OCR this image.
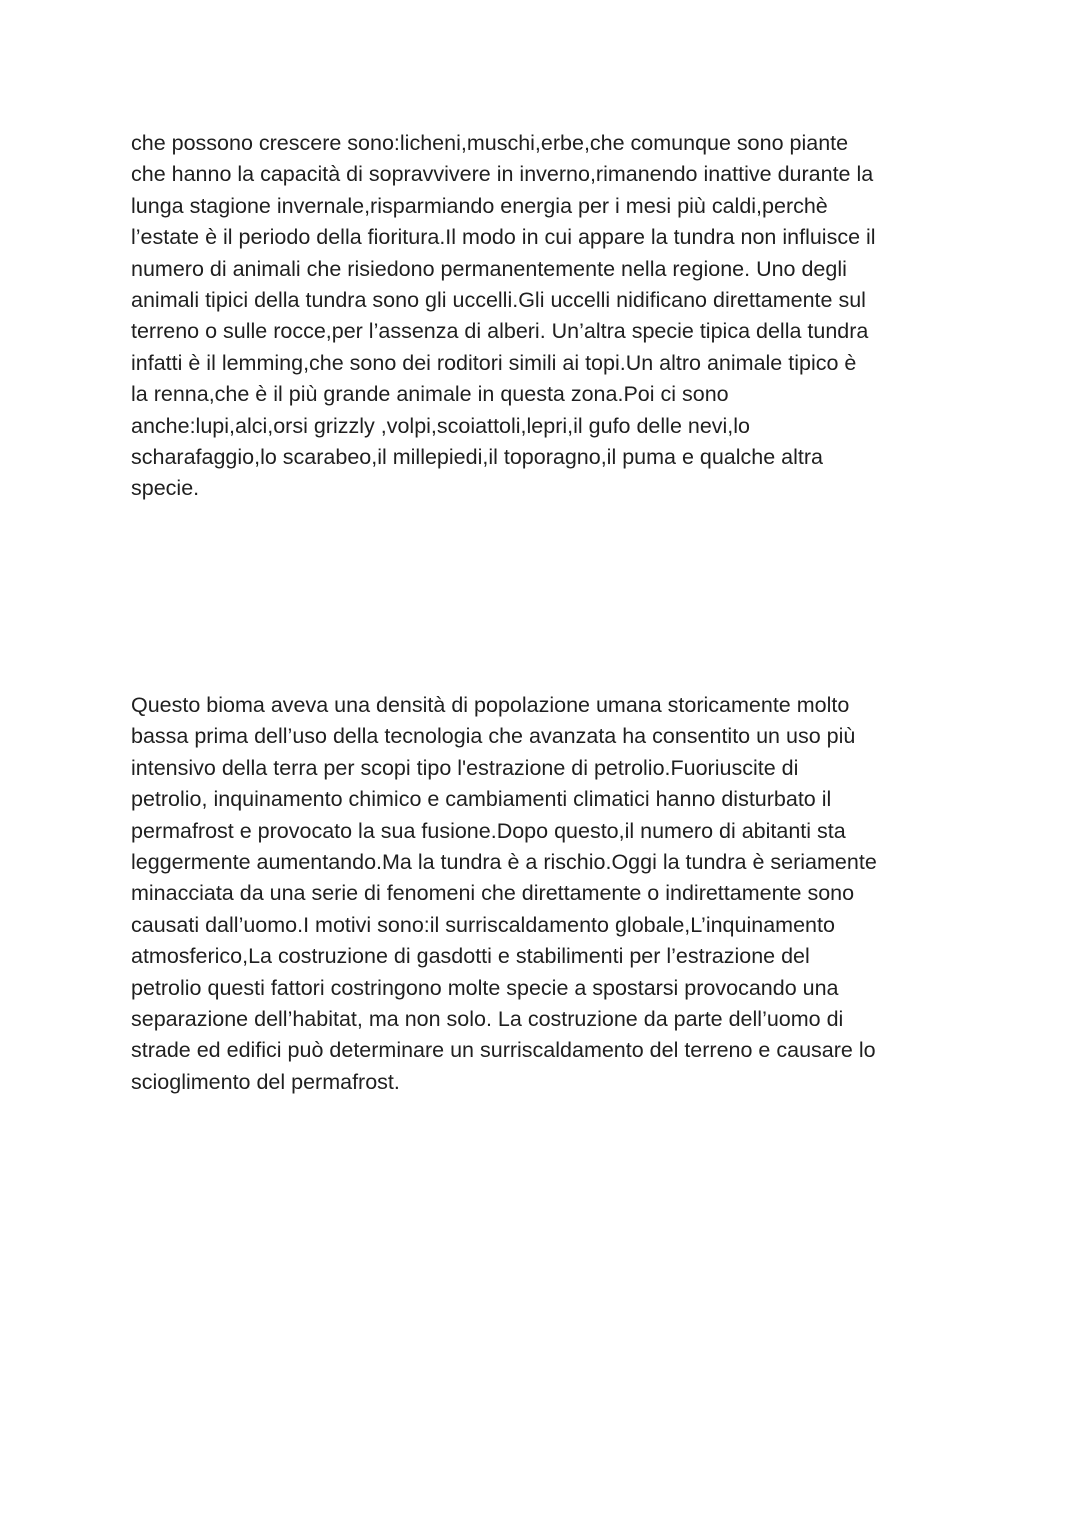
che possono crescere sono:licheni,muschi,erbe,che comunque sono piante
che hanno la capacità di sopravvivere in inverno,rimanendo inattive durante la
lunga stagione invernale,risparmiando energia per i mesi più caldi,perchè
l’estate è il periodo della fioritura.Il modo in cui appare la tundra non influisce il
numero di animali che risiedono permanentemente nella regione. Uno degli
animali tipici della tundra sono gli uccelli.Gli uccelli nidificano direttamente sul
terreno o sulle rocce,per l’assenza di alberi. Un’altra specie tipica della tundra
infatti è il lemming,che sono dei roditori simili ai topi.Un altro animale tipico è
la renna,che è il più grande animale in questa zona.Poi ci sono
anche:lupi,alci,orsi grizzly ,volpi,scoiattoli,lepri,il gufo delle nevi,lo
scharafaggio,lo scarabeo,il millepiedi,il toporagno,il puma e qualche altra
specie.

Questo bioma aveva una densità di popolazione umana storicamente molto
bassa prima dell’uso della tecnologia che avanzata ha consentito un uso più
intensivo della terra per scopi tipo l'estrazione di petrolio.Fuoriuscite di
petrolio, inquinamento chimico e cambiamenti climatici hanno disturbato il
permafrost e provocato la sua fusione.Dopo questo,il numero di abitanti sta
leggermente aumentando.Ma la tundra è a rischio.Oggi la tundra è seriamente
minacciata da una serie di fenomeni che direttamente o indirettamente sono
causati dall’uomo.I motivi sono:il surriscaldamento globale,L’inquinamento
atmosferico,La costruzione di gasdotti e stabilimenti per l’estrazione del
petrolio questi fattori costringono molte specie a spostarsi provocando una
separazione dell’habitat, ma non solo. La costruzione da parte dell’uomo di
strade ed edifici può determinare un surriscaldamento del terreno e causare lo
scioglimento del permafrost.
